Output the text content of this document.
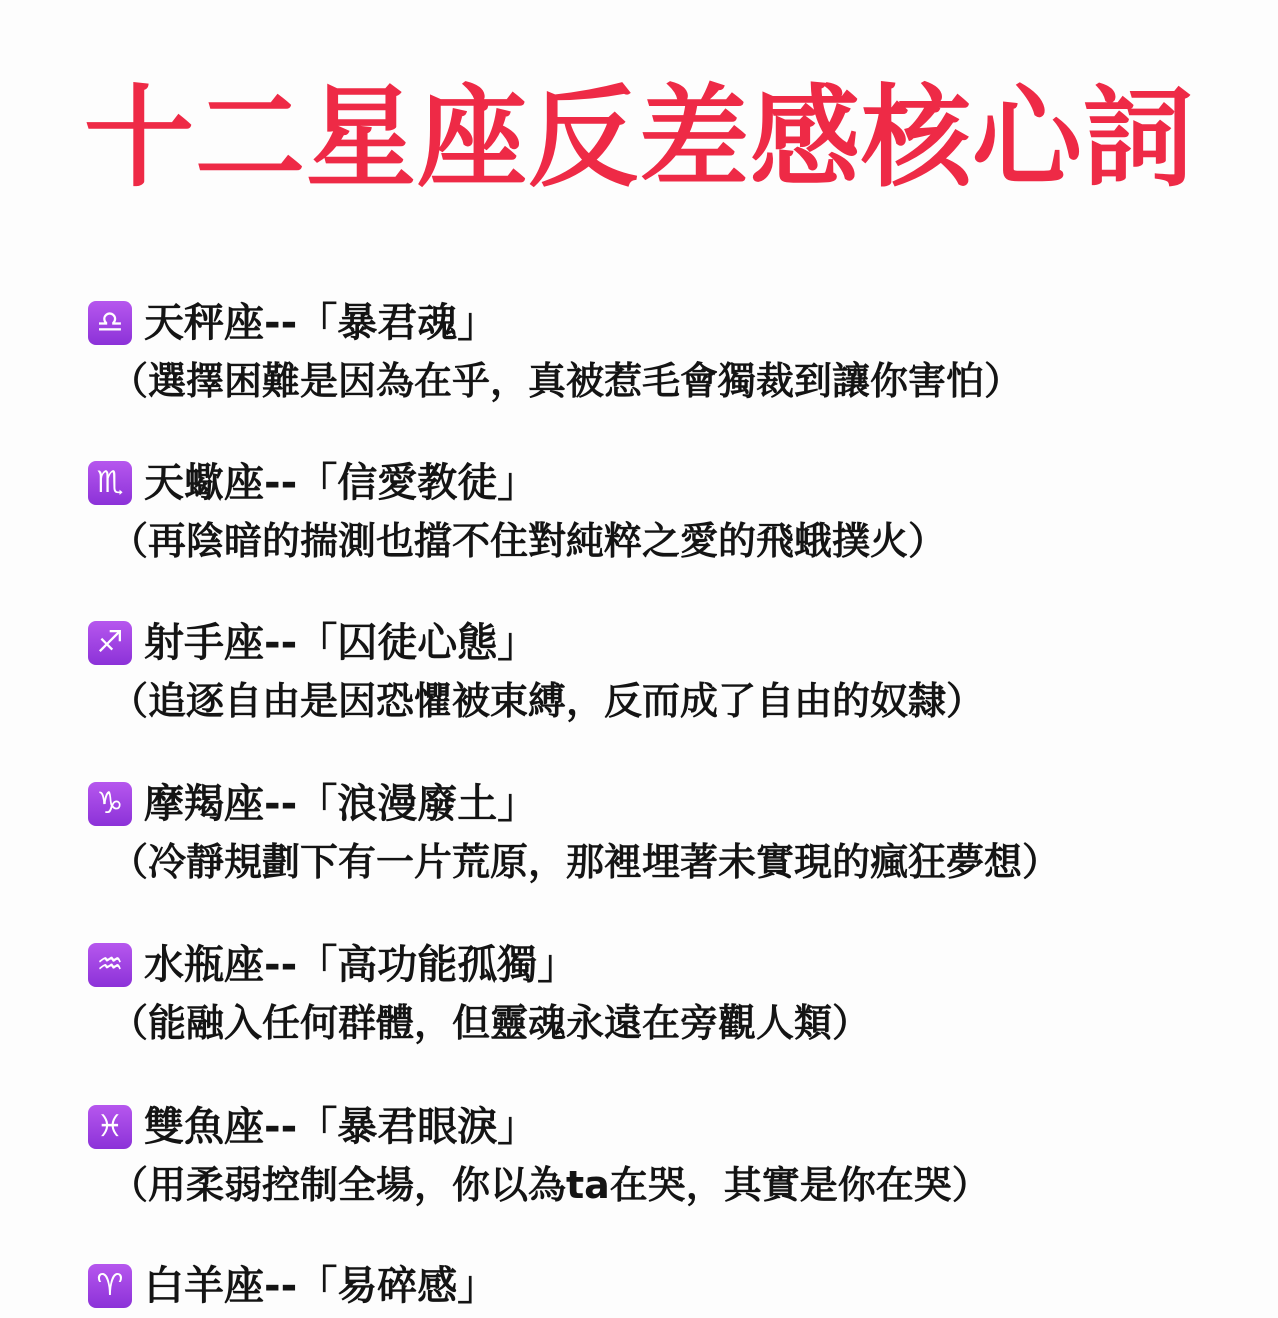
十二星座反差感核心詞
♎ 天秤座--「暴君魂」
（選擇困難是因為在乎，真被惹毛會獨裁到讓你害怕）
♏ 天蠍座--「信愛教徒」
（再陰暗的揣測也擋不住對純粹之愛的飛蛾撲火）
♐ 射手座--「囚徒心態」
（追逐自由是因恐懼被束縛，反而成了自由的奴隸）
♑ 摩羯座--「浪漫廢土」
（冷靜規劃下有一片荒原，那裡埋著未實現的瘋狂夢想）
♒ 水瓶座--「高功能孤獨」
（能融入任何群體，但靈魂永遠在旁觀人類）
♓ 雙魚座--「暴君眼淚」
（用柔弱控制全場，你以為ta在哭，其實是你在哭）
♈ 白羊座--「易碎感」
